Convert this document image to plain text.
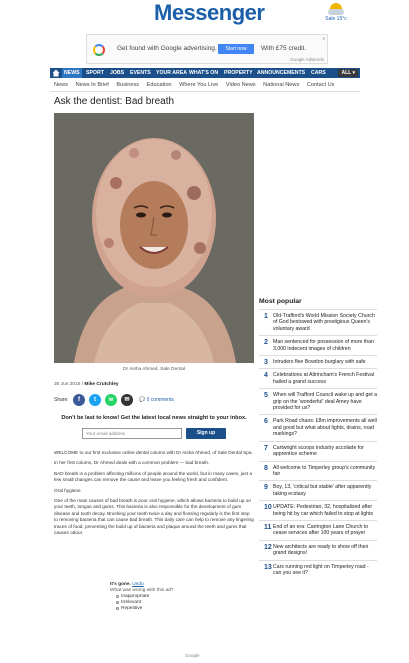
Messenger	Sale 15°c
Get found with Google advertising.	Start now	With £75 credit.
x
Google AdWords
NEWS	SPORT JOBS EVENTS YOUR AREA WHAT'S ON PROPERTY ANNOUNCEMENTS CARS	ALL ▾
News News In Brief Business Education Where You Live Video News National News Contact Us
Ask the dentist: Bad breath
Dr Aisha Ahmed, Sale Dental
30 Jun 2016 / Mike Crutchley
Share:	f	t	w	✉	💬 0 comments
Don't be last to know! Get the latest local news straight to your inbox.
Your email address	Sign up

WELCOME to our first exclusive online dental column with Dr Aisha Ahmed, of Sale Dental Spa.

In her first column, Dr Ahmed deals with a common problem — bad breath.

BAD breath is a problem affecting millions of people around the world, but in many cases, just a few small changes can remove the cause and leave you feeling fresh and confident.

Oral hygiene

One of the main causes of bad breath is poor oral hygiene, which allows bacteria to build up on your teeth, tongue and gums. This bacteria is also responsible for the development of gum disease and tooth decay. Brushing your teeth twice a day and flossing regularly is the first step to removing bacteria that can cause bad breath. This daily care can help to remove any lingering traces of food, preventing the build up of bacteria and plaque around the teeth and gums that causes odour.

It's gone. Undo
What was wrong with this ad?
Inappropriate
Irrelevant
Repetitive
Google
Most popular
1 Old-Trafford's World Mission Society Church of God bestowed with prestigious Queen's voluntary award
2 Man sentenced for possession of more than 3,000 indecent images of children
3 Intruders flee Bowdon burglary with safe
4 Celebrations at Altrincham's French Festival hailed a grand success
5 When will Trafford Council wake up and get a grip on the 'wonderful' deal Amey have provided for us?
6 Park Road chaos: £8m improvements all well and good but what about lights, drains, road markings?
7 Cartwright scoops industry accolade for apprentice scheme
8 All welcome to Timperley group's community fair
9 Boy, 13, 'critical but stable' after apparently taking ecstasy
10 UPDATE: Pedestrian, 32, hospitalised after being hit by car which failed to stop at lights
11 End of an era: Carrington Lane Church to cease services after 100 years of prayer
12 New architects are ready to show off their grand designs!
13 Cars running red light on Timperley road - can you see it?
